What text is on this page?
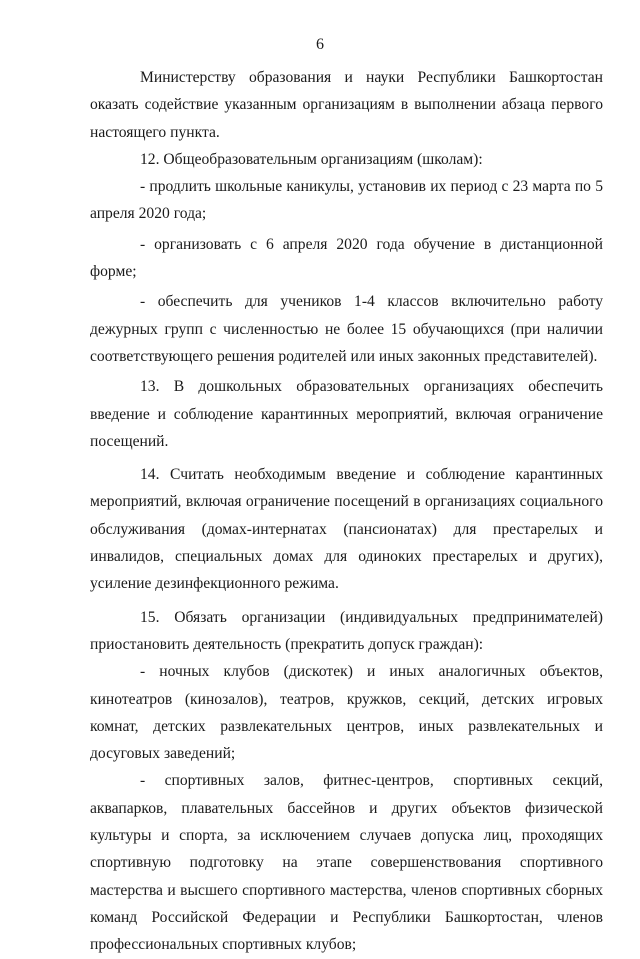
6

Министерству образования и науки Республики Башкортостан оказать содействие указанным организациям в выполнении абзаца первого настоящего пункта.

12. Общеобразовательным организациям (школам):

- продлить школьные каникулы, установив их период с 23 марта по 5 апреля 2020 года;

- организовать с 6 апреля 2020 года обучение в дистанционной форме;

- обеспечить для учеников 1-4 классов включительно работу дежурных групп с численностью не более 15 обучающихся (при наличии соответствующего решения родителей или иных законных представителей).

13. В дошкольных образовательных организациях обеспечить введение и соблюдение карантинных мероприятий, включая ограничение посещений.

14. Считать необходимым введение и соблюдение карантинных мероприятий, включая ограничение посещений в организациях социального обслуживания (домах-интернатах (пансионатах) для престарелых и инвалидов, специальных домах для одиноких престарелых и других), усиление дезинфекционного режима.

15. Обязать организации (индивидуальных предпринимателей) приостановить деятельность (прекратить допуск граждан):

- ночных клубов (дискотек) и иных аналогичных объектов, кинотеатров (кинозалов), театров, кружков, секций, детских игровых комнат, детских развлекательных центров, иных развлекательных и досуговых заведений;

- спортивных залов, фитнес-центров, спортивных секций, аквапарков, плавательных бассейнов и других объектов физической культуры и спорта, за исключением случаев допуска лиц, проходящих спортивную подготовку на этапе совершенствования спортивного мастерства и высшего спортивного мастерства, членов спортивных сборных команд Российской Федерации и Республики Башкортостан, членов профессиональных спортивных клубов;
